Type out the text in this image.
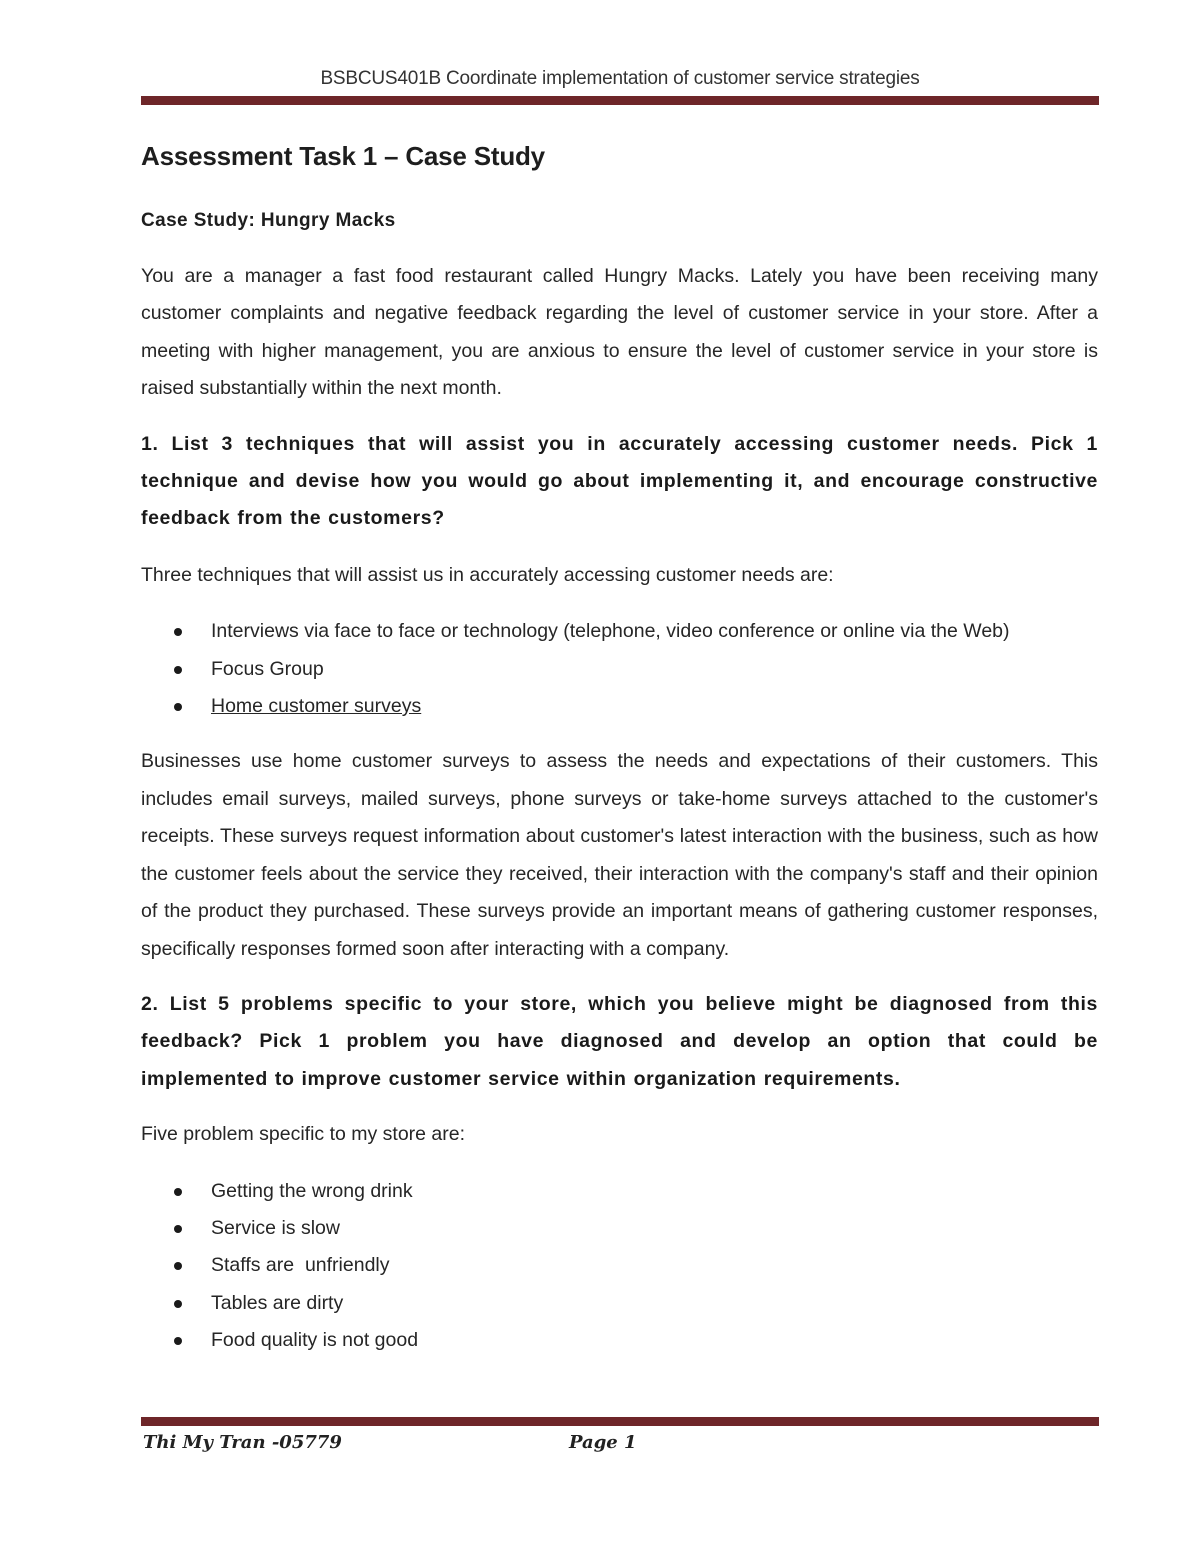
BSBCUS401B Coordinate implementation of customer service strategies
Assessment Task 1 – Case Study
Case Study: Hungry Macks

You are a manager a fast food restaurant called Hungry Macks. Lately you have been receiving many customer complaints and negative feedback regarding the level of customer service in your store. After a meeting with higher management, you are anxious to ensure the level of customer service in your store is raised substantially within the next month.

1. List 3 techniques that will assist you in accurately accessing customer needs. Pick 1 technique and devise how you would go about implementing it, and encourage constructive feedback from the customers?

Three techniques that will assist us in accurately accessing customer needs are:

Interviews via face to face or technology (telephone, video conference or online via the Web)
Focus Group
Home customer surveys

Businesses use home customer surveys to assess the needs and expectations of their customers. This includes email surveys, mailed surveys, phone surveys or take-home surveys attached to the customer's receipts. These surveys request information about customer's latest interaction with the business, such as how the customer feels about the service they received, their interaction with the company's staff and their opinion of the product they purchased. These surveys provide an important means of gathering customer responses, specifically responses formed soon after interacting with a company.

2. List 5 problems specific to your store, which you believe might be diagnosed from this feedback? Pick 1 problem you have diagnosed and develop an option that could be implemented to improve customer service within organization requirements.

Five problem specific to my store are:

Getting the wrong drink
Service is slow
Staffs are  unfriendly
Tables are dirty
Food quality is not good
Thi My Tran -05779	Page 1
